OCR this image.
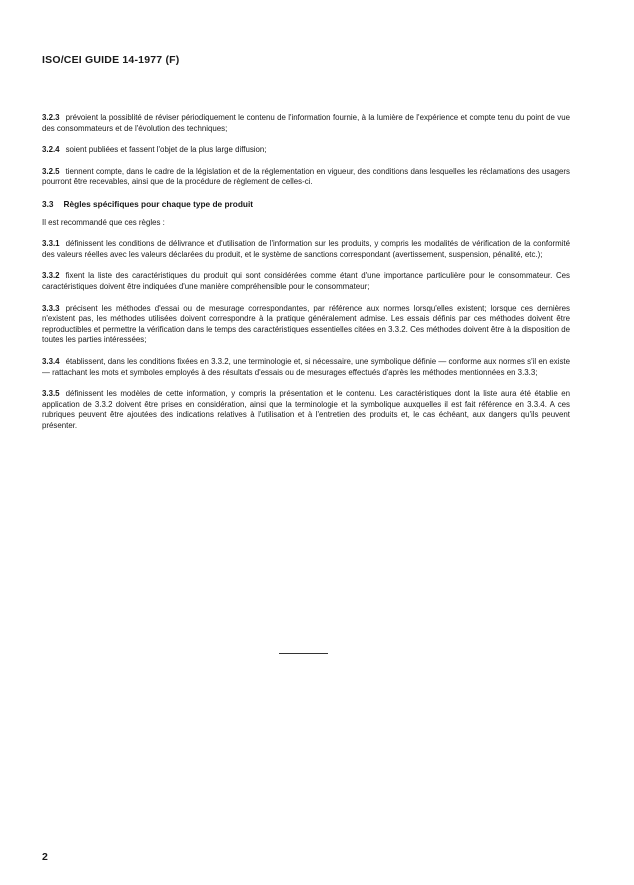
ISO/CEI GUIDE 14-1977 (F)

3.2.3 prévoient la possiblité de réviser périodiquement le contenu de l'information fournie, à la lumière de l'expérience et compte tenu du point de vue des consommateurs et de l'évolution des techniques;

3.2.4 soient publiées et fassent l'objet de la plus large diffusion;

3.2.5 tiennent compte, dans le cadre de la législation et de la réglementation en vigueur, des conditions dans lesquelles les réclamations des usagers pourront être recevables, ainsi que de la procédure de règlement de celles-ci.

3.3 Règles spécifiques pour chaque type de produit

Il est recommandé que ces règles :

3.3.1 définissent les conditions de délivrance et d'utilisation de l'information sur les produits, y compris les modalités de vérification de la conformité des valeurs réelles avec les valeurs déclarées du produit, et le système de sanctions correspondant (avertissement, suspension, pénalité, etc.);

3.3.2 fixent la liste des caractéristiques du produit qui sont considérées comme étant d'une importance particulière pour le consommateur. Ces caractéristiques doivent être indiquées d'une manière compréhensible pour le consommateur;

3.3.3 précisent les méthodes d'essai ou de mesurage correspondantes, par référence aux normes lorsqu'elles existent; lorsque ces dernières n'existent pas, les méthodes utilisées doivent correspondre à la pratique généralement admise. Les essais définis par ces méthodes doivent être reproductibles et permettre la vérification dans le temps des caractéristiques essentielles citées en 3.3.2. Ces méthodes doivent être à la disposition de toutes les parties intéressées;

3.3.4 établissent, dans les conditions fixées en 3.3.2, une terminologie et, si nécessaire, une symbolique définie — conforme aux normes s'il en existe — rattachant les mots et symboles employés à des résultats d'essais ou de mesurages effectués d'après les méthodes mentionnées en 3.3.3;

3.3.5 définissent les modèles de cette information, y compris la présentation et le contenu. Les caractéristiques dont la liste aura été établie en application de 3.3.2 doivent être prises en considération, ainsi que la terminologie et la symbolique auxquelles il est fait référence en 3.3.4. A ces rubriques peuvent être ajoutées des indications relatives à l'utilisation et à l'entretien des produits et, le cas échéant, aux dangers qu'ils peuvent présenter.

2
